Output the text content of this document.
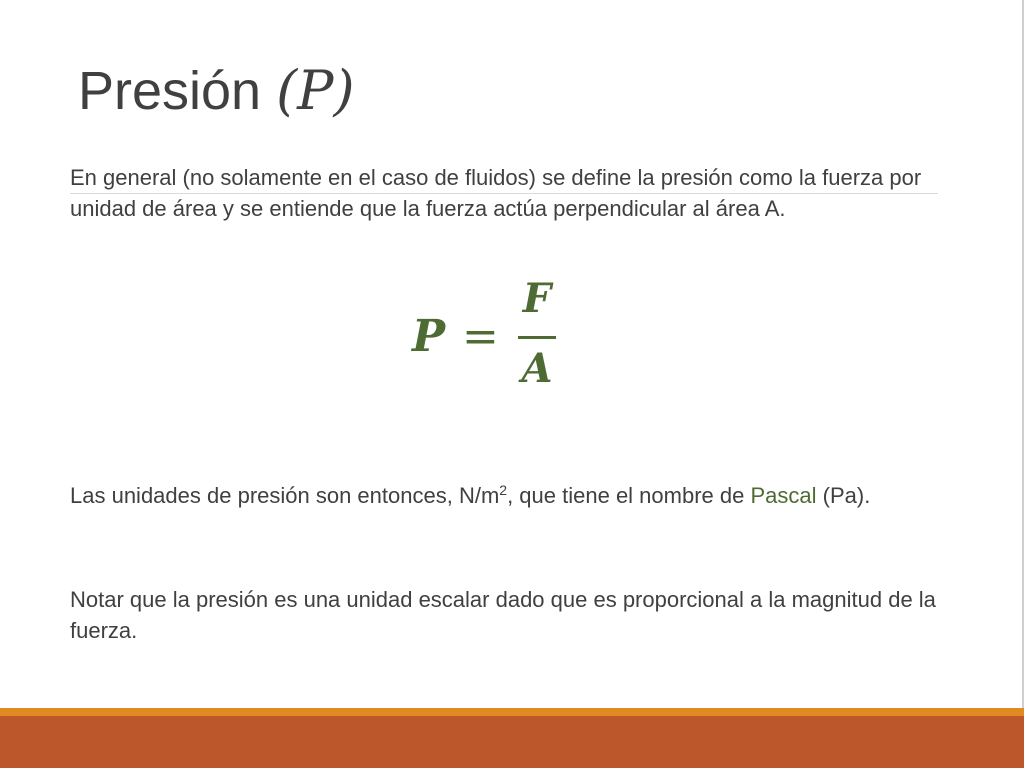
Presión (𝑃)
En general (no solamente en el caso de fluidos) se define la presión como la fuerza por unidad de área y se entiende que la fuerza actúa perpendicular al área A.
𝑷 =
𝑭
𝑨
Las unidades de presión son entonces, $N/m^2$, que tiene el nombre de Pascal (Pa).
Notar que la presión es una unidad escalar dado que es proporcional a la magnitud de la fuerza.
